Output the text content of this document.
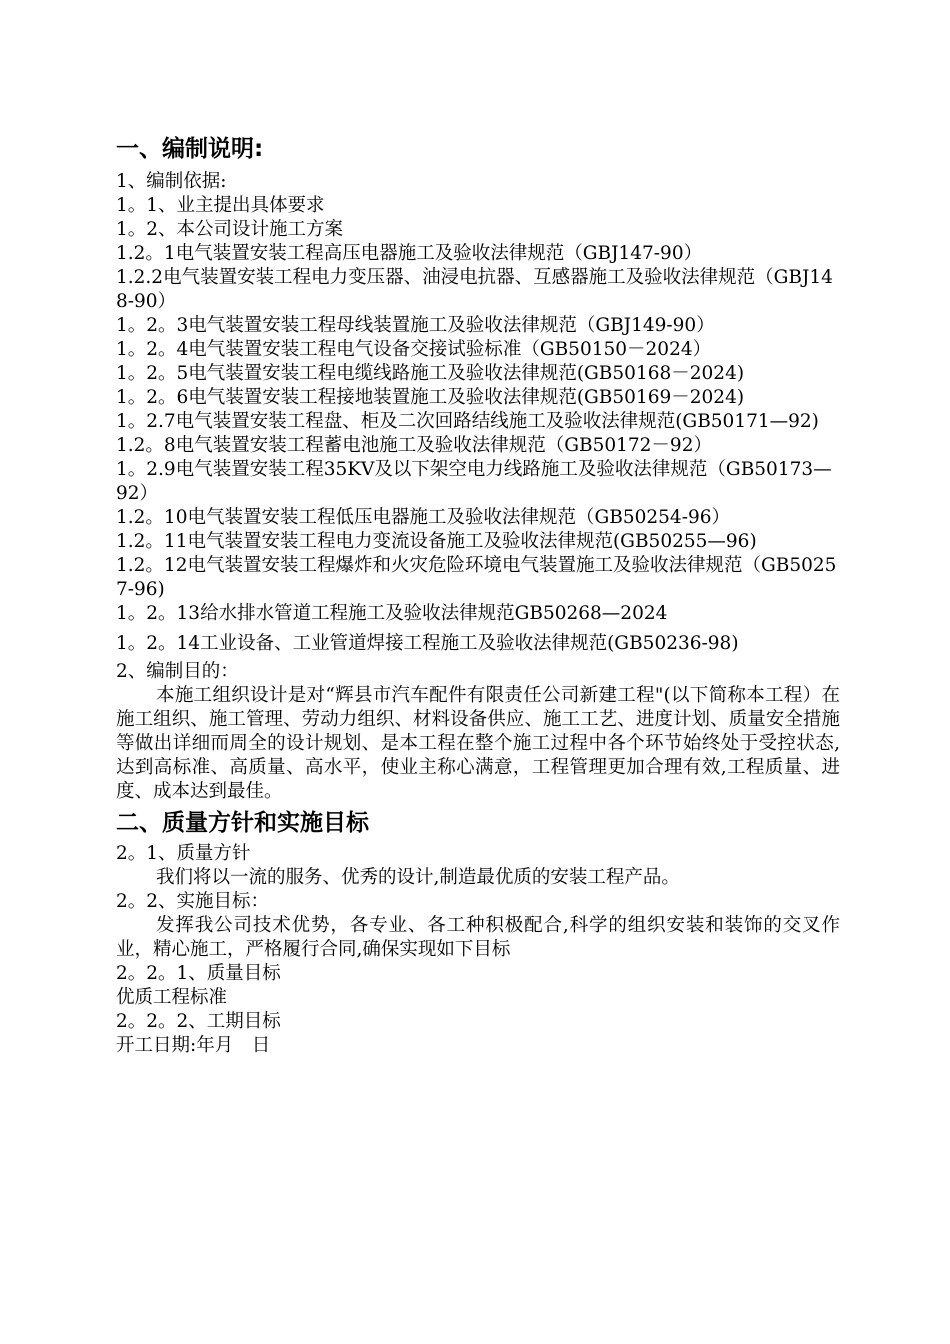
一、编制说明:

1、编制依据:

1。1、业主提出具体要求

1。2、本公司设计施工方案

1.2。1电气装置安装工程高压电器施工及验收法律规范（GBJ147-90）

1.2.2电气装置安装工程电力变压器、油浸电抗器、互感器施工及验收法律规范（GBJ148-90）

1。2。3电气装置安装工程母线装置施工及验收法律规范（GBJ149-90）

1。2。4电气装置安装工程电气设备交接试验标准（GB50150－2024）

1。2。5电气装置安装工程电缆线路施工及验收法律规范(GB50168－2024)

1。2。6电气装置安装工程接地装置施工及验收法律规范(GB50169－2024)

1。2.7电气装置安装工程盘、柜及二次回路结线施工及验收法律规范(GB50171—92)

1.2。8电气装置安装工程蓄电池施工及验收法律规范（GB50172－92）

1。2.9电气装置安装工程35KV及以下架空电力线路施工及验收法律规范（GB50173—92）

1.2。10电气装置安装工程低压电器施工及验收法律规范（GB50254-96）

1.2。11电气装置安装工程电力变流设备施工及验收法律规范(GB50255—96)

1.2。12电气装置安装工程爆炸和火灾危险环境电气装置施工及验收法律规范（GB50257-96)

1。2。13给水排水管道工程施工及验收法律规范GB50268—2024

1。2。14工业设备、工业管道焊接工程施工及验收法律规范(GB50236-98)

2、编制目的：

本施工组织设计是对“辉县市汽车配件有限责任公司新建工程"(以下简称本工程）在施工组织、施工管理、劳动力组织、材料设备供应、施工工艺、进度计划、质量安全措施等做出详细而周全的设计规划、是本工程在整个施工过程中各个环节始终处于受控状态,达到高标准、高质量、高水平，使业主称心满意，工程管理更加合理有效,工程质量、进度、成本达到最佳。

二、质量方针和实施目标

2。1、质量方针

我们将以一流的服务、优秀的设计,制造最优质的安装工程产品。

2。2、实施目标：

发挥我公司技术优势，各专业、各工种积极配合,科学的组织安装和装饰的交叉作业，精心施工，严格履行合同,确保实现如下目标

2。2。1、质量目标

优质工程标准

2。2。2、工期目标

开工日期:年月　日
